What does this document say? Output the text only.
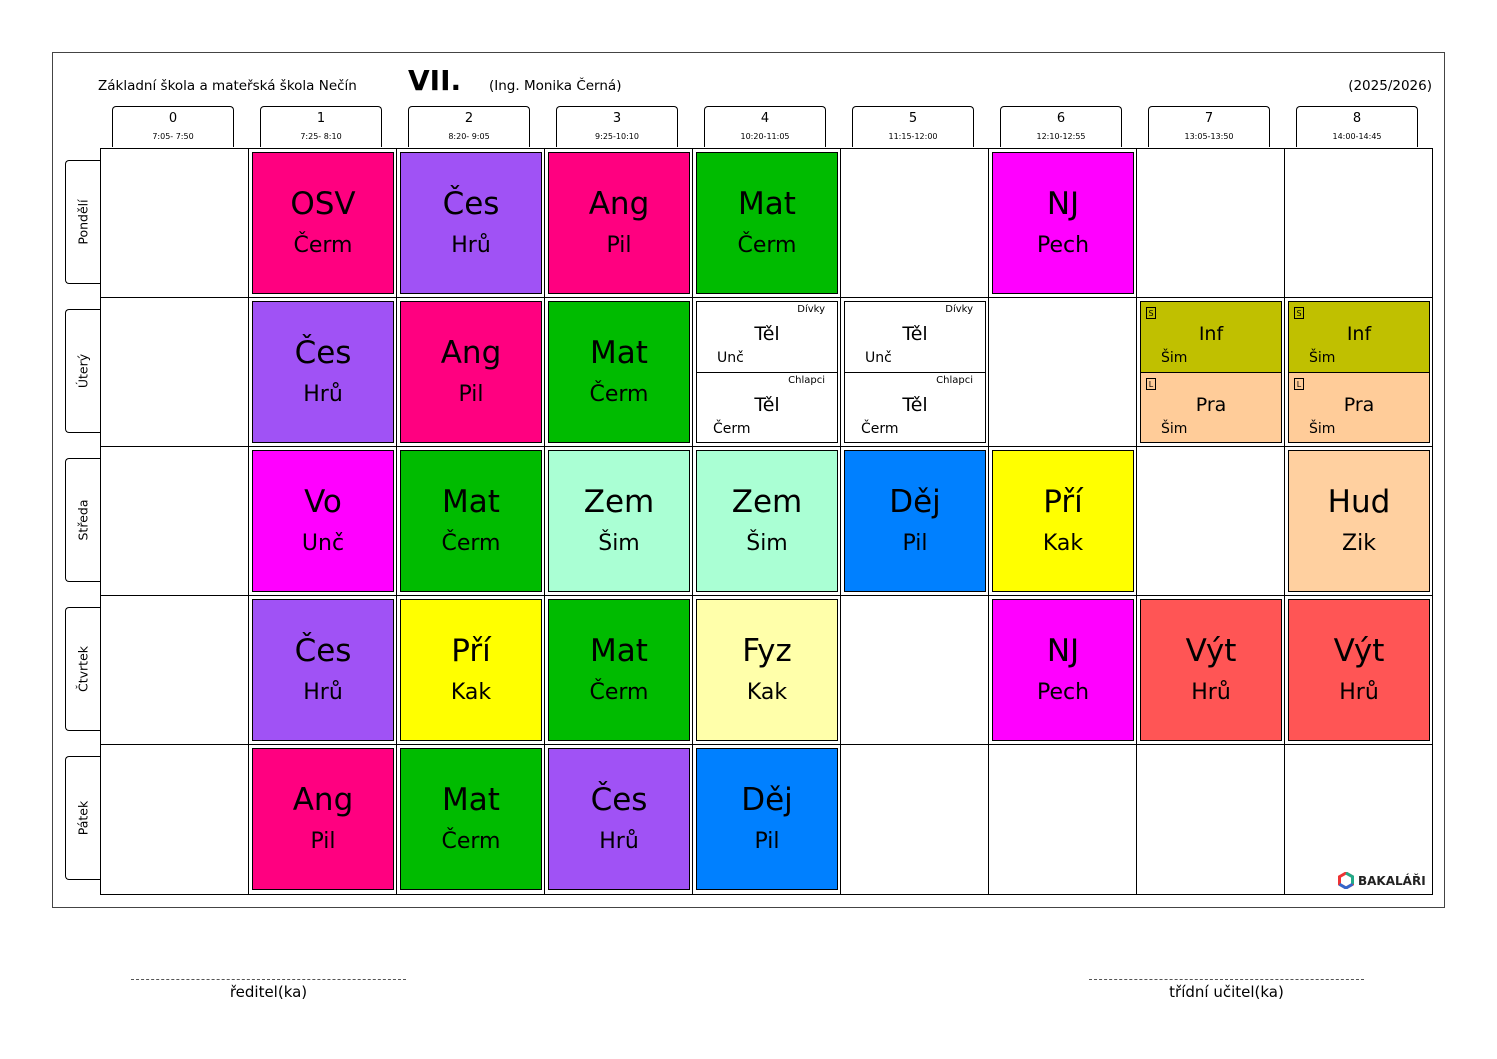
Základní škola a mateřská škola Nečín VII. (Ing. Monika Černá)	(2025/2026)
0
7:05- 7:50
1
7:25- 8:10
2
8:20- 9:05
3
9:25-10:10
4
10:20-11:05
5
11:15-12:00
6
12:10-12:55
7
13:05-13:50
8
14:00-14:45
Pondělí
Úterý
Středa
Čtvrtek
Pátek
OSV
Čerm
Čes
Hrů
Ang
Pil
Mat
Čerm
NJ
Pech
Čes
Hrů
Ang
Pil
Mat
Čerm
Vo
Unč
Mat
Čerm
Zem
Šim
Zem
Šim
Děj
Pil
Pří
Kak
Hud
Zik
Čes
Hrů
Pří
Kak
Mat
Čerm
Fyz
Kak
NJ
Pech
Výt
Hrů
Výt
Hrů
Ang
Pil
Mat
Čerm
Čes
Hrů
Děj
Pil
Dívky
Těl
Unč
Chlapci
Těl
Čerm
Dívky
Těl
Unč
Chlapci
Těl
Čerm
S
Inf
Šim
L
Pra
Šim
S
Inf
Šim
L
Pra
Šim
BAKALÁŘI
ředitel(ka)	třídní učitel(ka)
